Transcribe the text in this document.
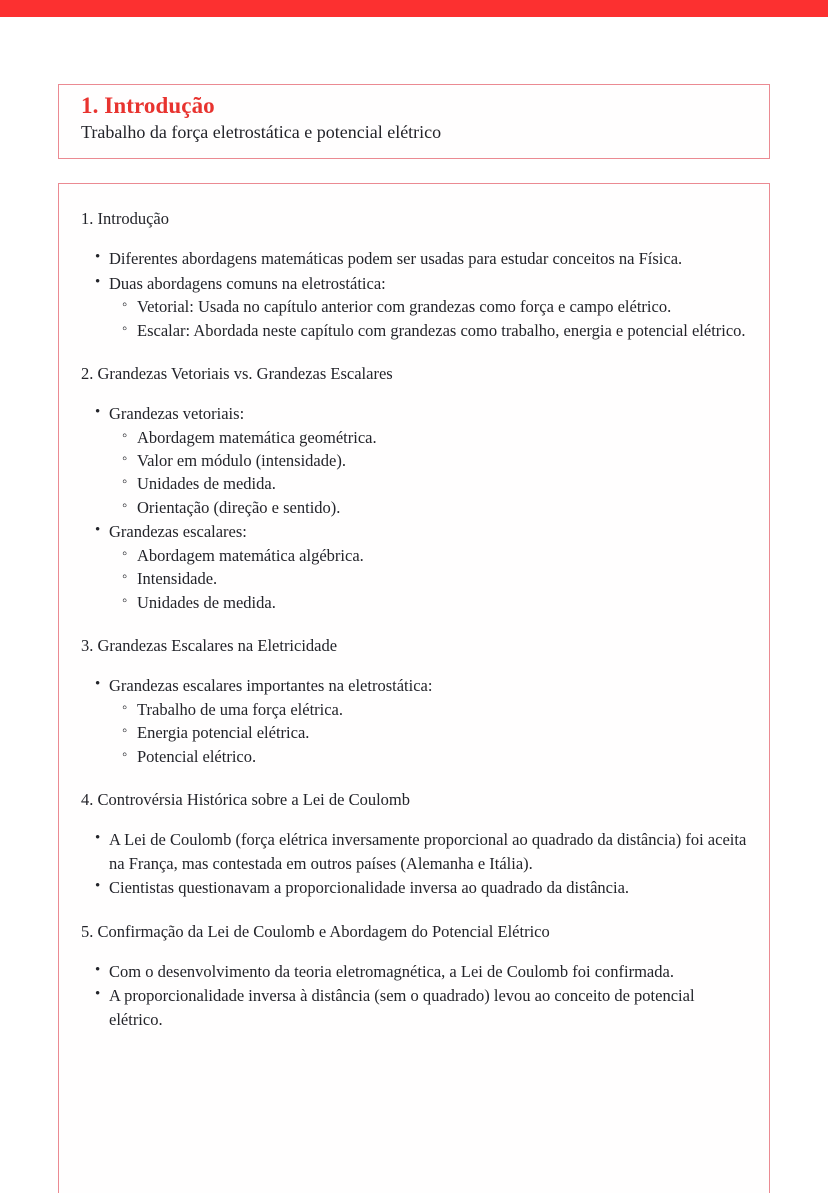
1. Introdução
Trabalho da força eletrostática e potencial elétrico
1. Introdução
• Diferentes abordagens matemáticas podem ser usadas para estudar conceitos na Física.
• Duas abordagens comuns na eletrostática:
◦ Vetorial: Usada no capítulo anterior com grandezas como força e campo elétrico.
◦ Escalar: Abordada neste capítulo com grandezas como trabalho, energia e potencial elétrico.
2. Grandezas Vetoriais vs. Grandezas Escalares
• Grandezas vetoriais:
◦ Abordagem matemática geométrica.
◦ Valor em módulo (intensidade).
◦ Unidades de medida.
◦ Orientação (direção e sentido).
• Grandezas escalares:
◦ Abordagem matemática algébrica.
◦ Intensidade.
◦ Unidades de medida.
3. Grandezas Escalares na Eletricidade
• Grandezas escalares importantes na eletrostática:
◦ Trabalho de uma força elétrica.
◦ Energia potencial elétrica.
◦ Potencial elétrico.
4. Controvérsia Histórica sobre a Lei de Coulomb
• A Lei de Coulomb (força elétrica inversamente proporcional ao quadrado da distância) foi aceita na França, mas contestada em outros países (Alemanha e Itália).
• Cientistas questionavam a proporcionalidade inversa ao quadrado da distância.
5. Confirmação da Lei de Coulomb e Abordagem do Potencial Elétrico
• Com o desenvolvimento da teoria eletromagnética, a Lei de Coulomb foi confirmada.
• A proporcionalidade inversa à distância (sem o quadrado) levou ao conceito de potencial elétrico.
